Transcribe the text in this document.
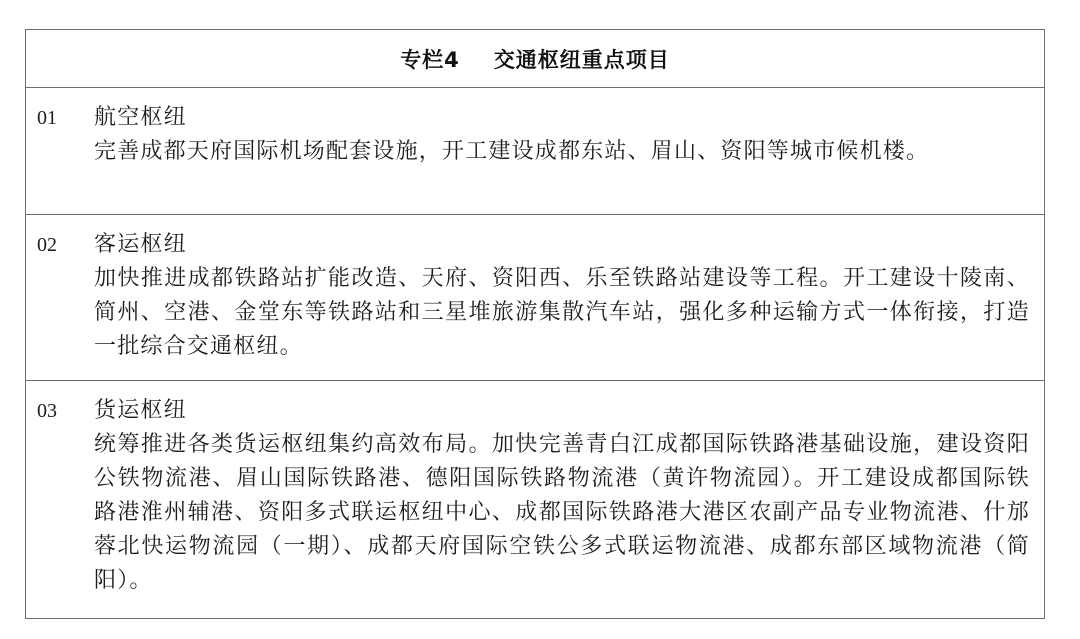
专栏4 交通枢纽重点项目
01 航空枢纽
完善成都天府国际机场配套设施，开工建设成都东站、眉山、资阳等城市候机楼。
02 客运枢纽
加快推进成都铁路站扩能改造、天府、资阳西、乐至铁路站建设等工程。开工建设十陵南、简州、空港、金堂东等铁路站和三星堆旅游集散汽车站，强化多种运输方式一体衔接，打造一批综合交通枢纽。
03 货运枢纽
统筹推进各类货运枢纽集约高效布局。加快完善青白江成都国际铁路港基础设施，建设资阳公铁物流港、眉山国际铁路港、德阳国际铁路物流港（黄许物流园）。开工建设成都国际铁路港淮州辅港、资阳多式联运枢纽中心、成都国际铁路港大港区农副产品专业物流港、什邡蓉北快运物流园（一期）、成都天府国际空铁公多式联运物流港、成都东部区域物流港（简阳）。
